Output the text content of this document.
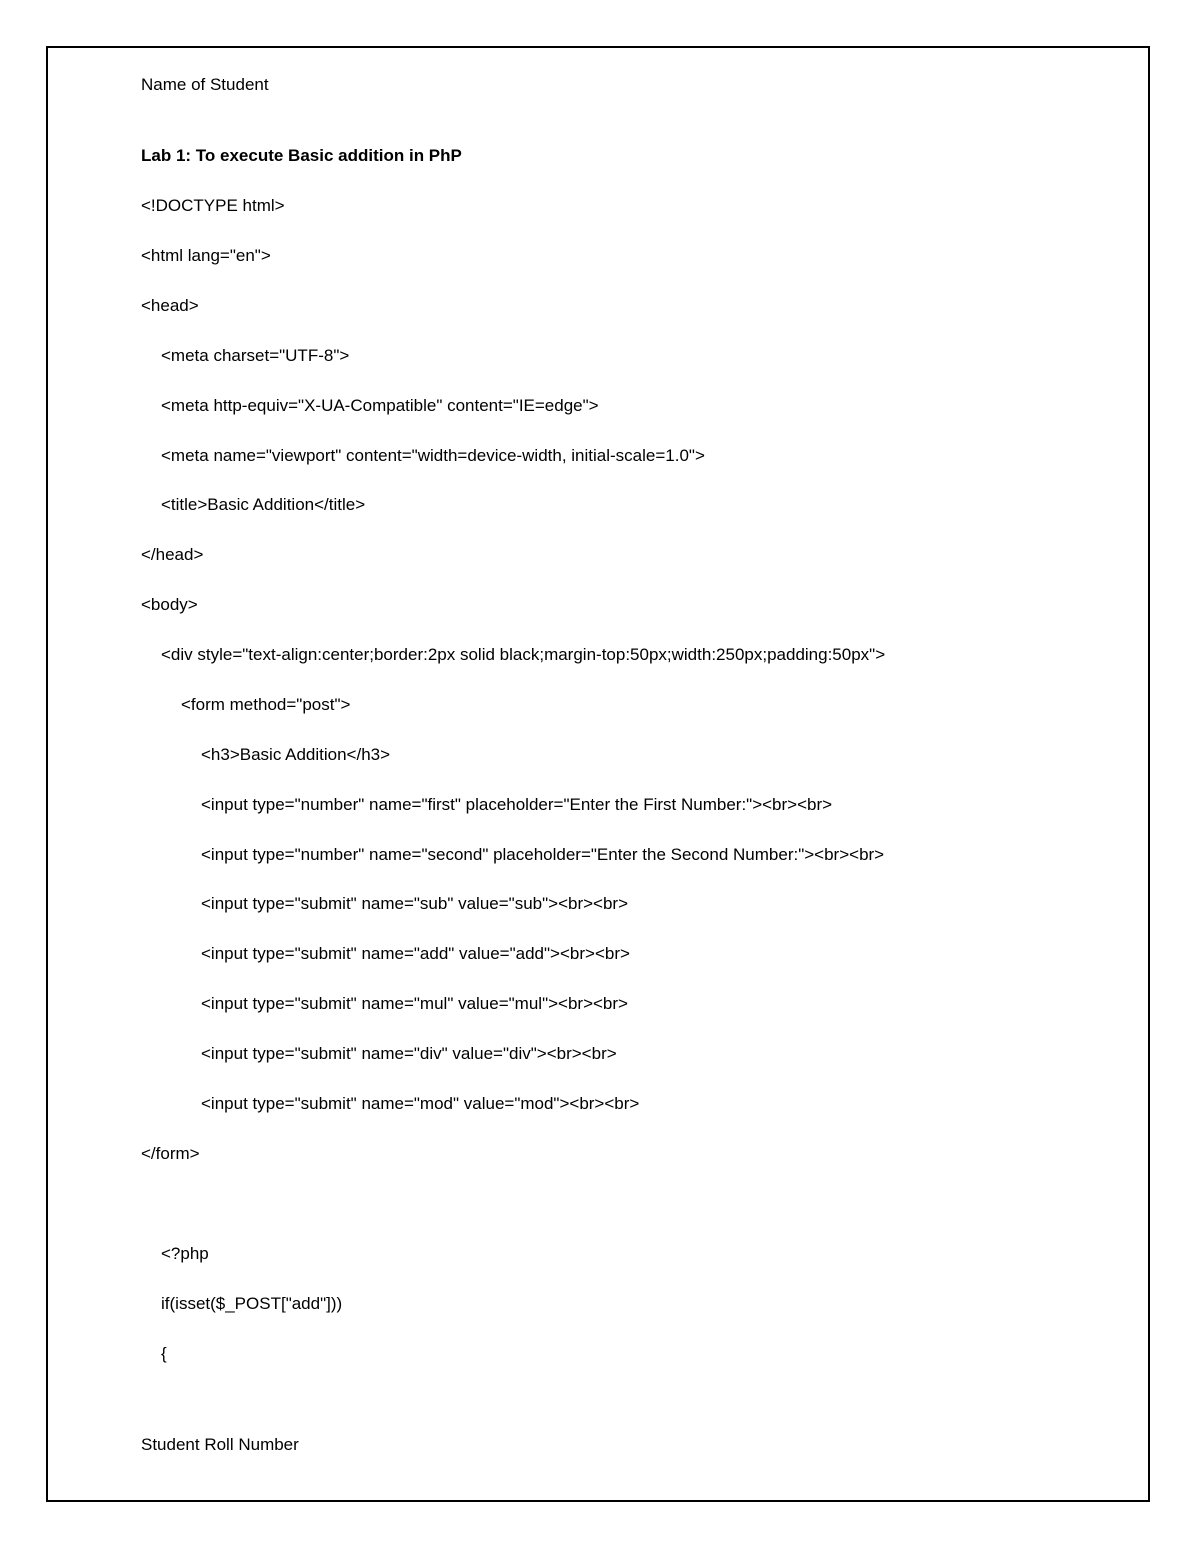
Name of Student
Lab 1: To execute Basic addition in PhP
<!DOCTYPE html>
<html lang="en">
<head>
<meta charset="UTF-8">
<meta http-equiv="X-UA-Compatible" content="IE=edge">
<meta name="viewport" content="width=device-width, initial-scale=1.0">
<title>Basic Addition</title>
</head>
<body>
<div style="text-align:center;border:2px solid black;margin-top:50px;width:250px;padding:50px">
<form method="post">
<h3>Basic Addition</h3>
<input type="number" name="first" placeholder="Enter the First Number:"><br><br>
<input type="number" name="second" placeholder="Enter the Second Number:"><br><br>
<input type="submit" name="sub" value="sub"><br><br>
<input type="submit" name="add" value="add"><br><br>
<input type="submit" name="mul" value="mul"><br><br>
<input type="submit" name="div" value="div"><br><br>
<input type="submit" name="mod" value="mod"><br><br>
</form>
<?php
if(isset($_POST["add"]))
{
Student Roll Number
